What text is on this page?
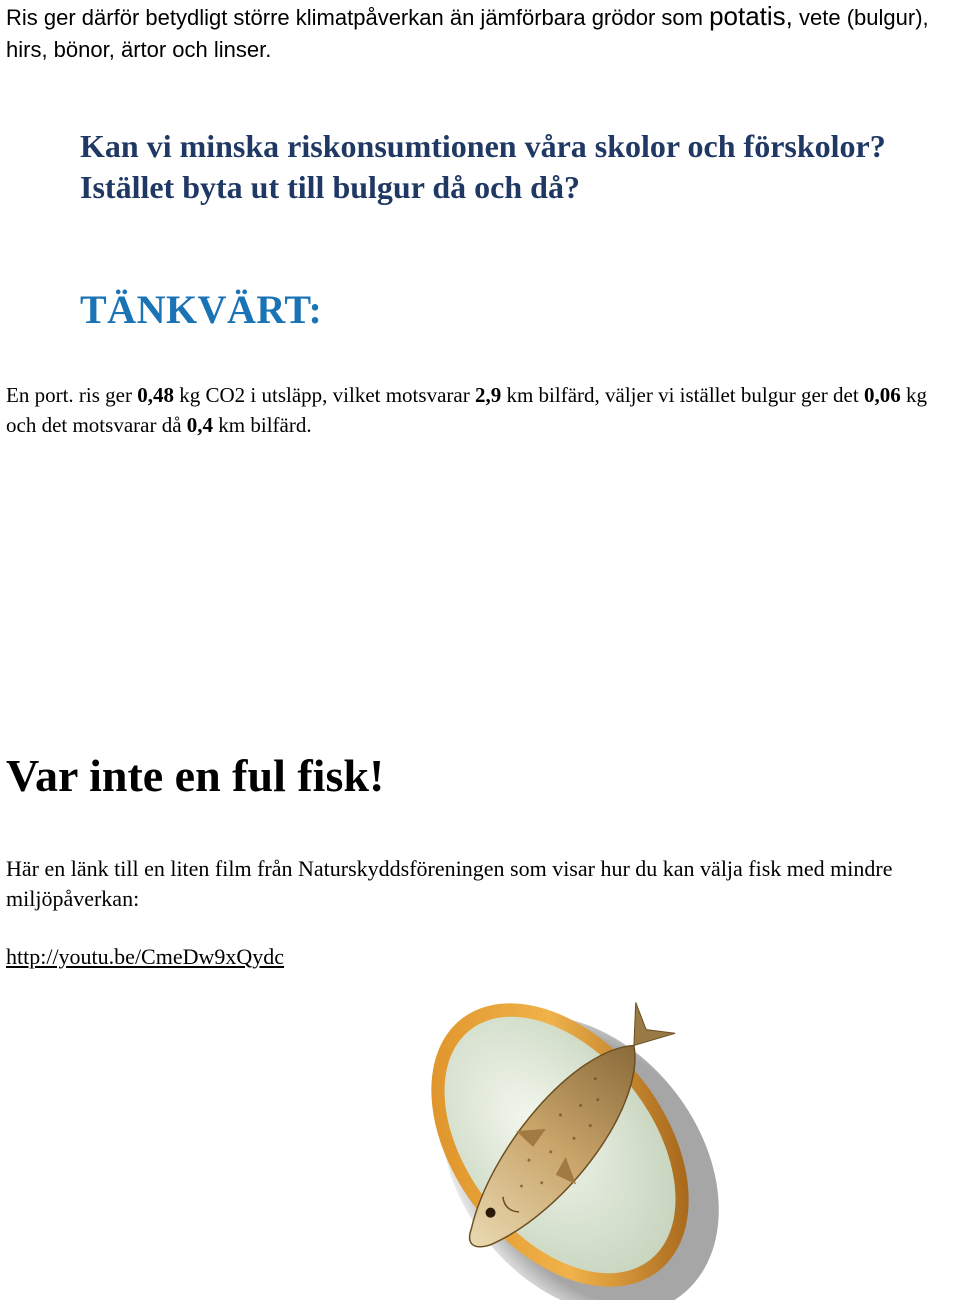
Ris ger därför betydligt större klimatpåverkan än jämförbara grödor som potatis, vete (bulgur), hirs, bönor, ärtor och linser.
Kan vi minska riskonsumtionen våra skolor och förskolor?
Istället byta ut till bulgur då och då?
TÄNKVÄRT:
En port. ris ger 0,48 kg CO2 i utsläpp, vilket motsvarar 2,9 km bilfärd, väljer vi istället bulgur ger det 0,06 kg och det motsvarar då 0,4 km bilfärd.
Var inte en ful fisk!
Här en länk till en liten film från Naturskyddsföreningen som visar hur du kan välja fisk med mindre miljöpåverkan:
http://youtu.be/CmeDw9xQydc
